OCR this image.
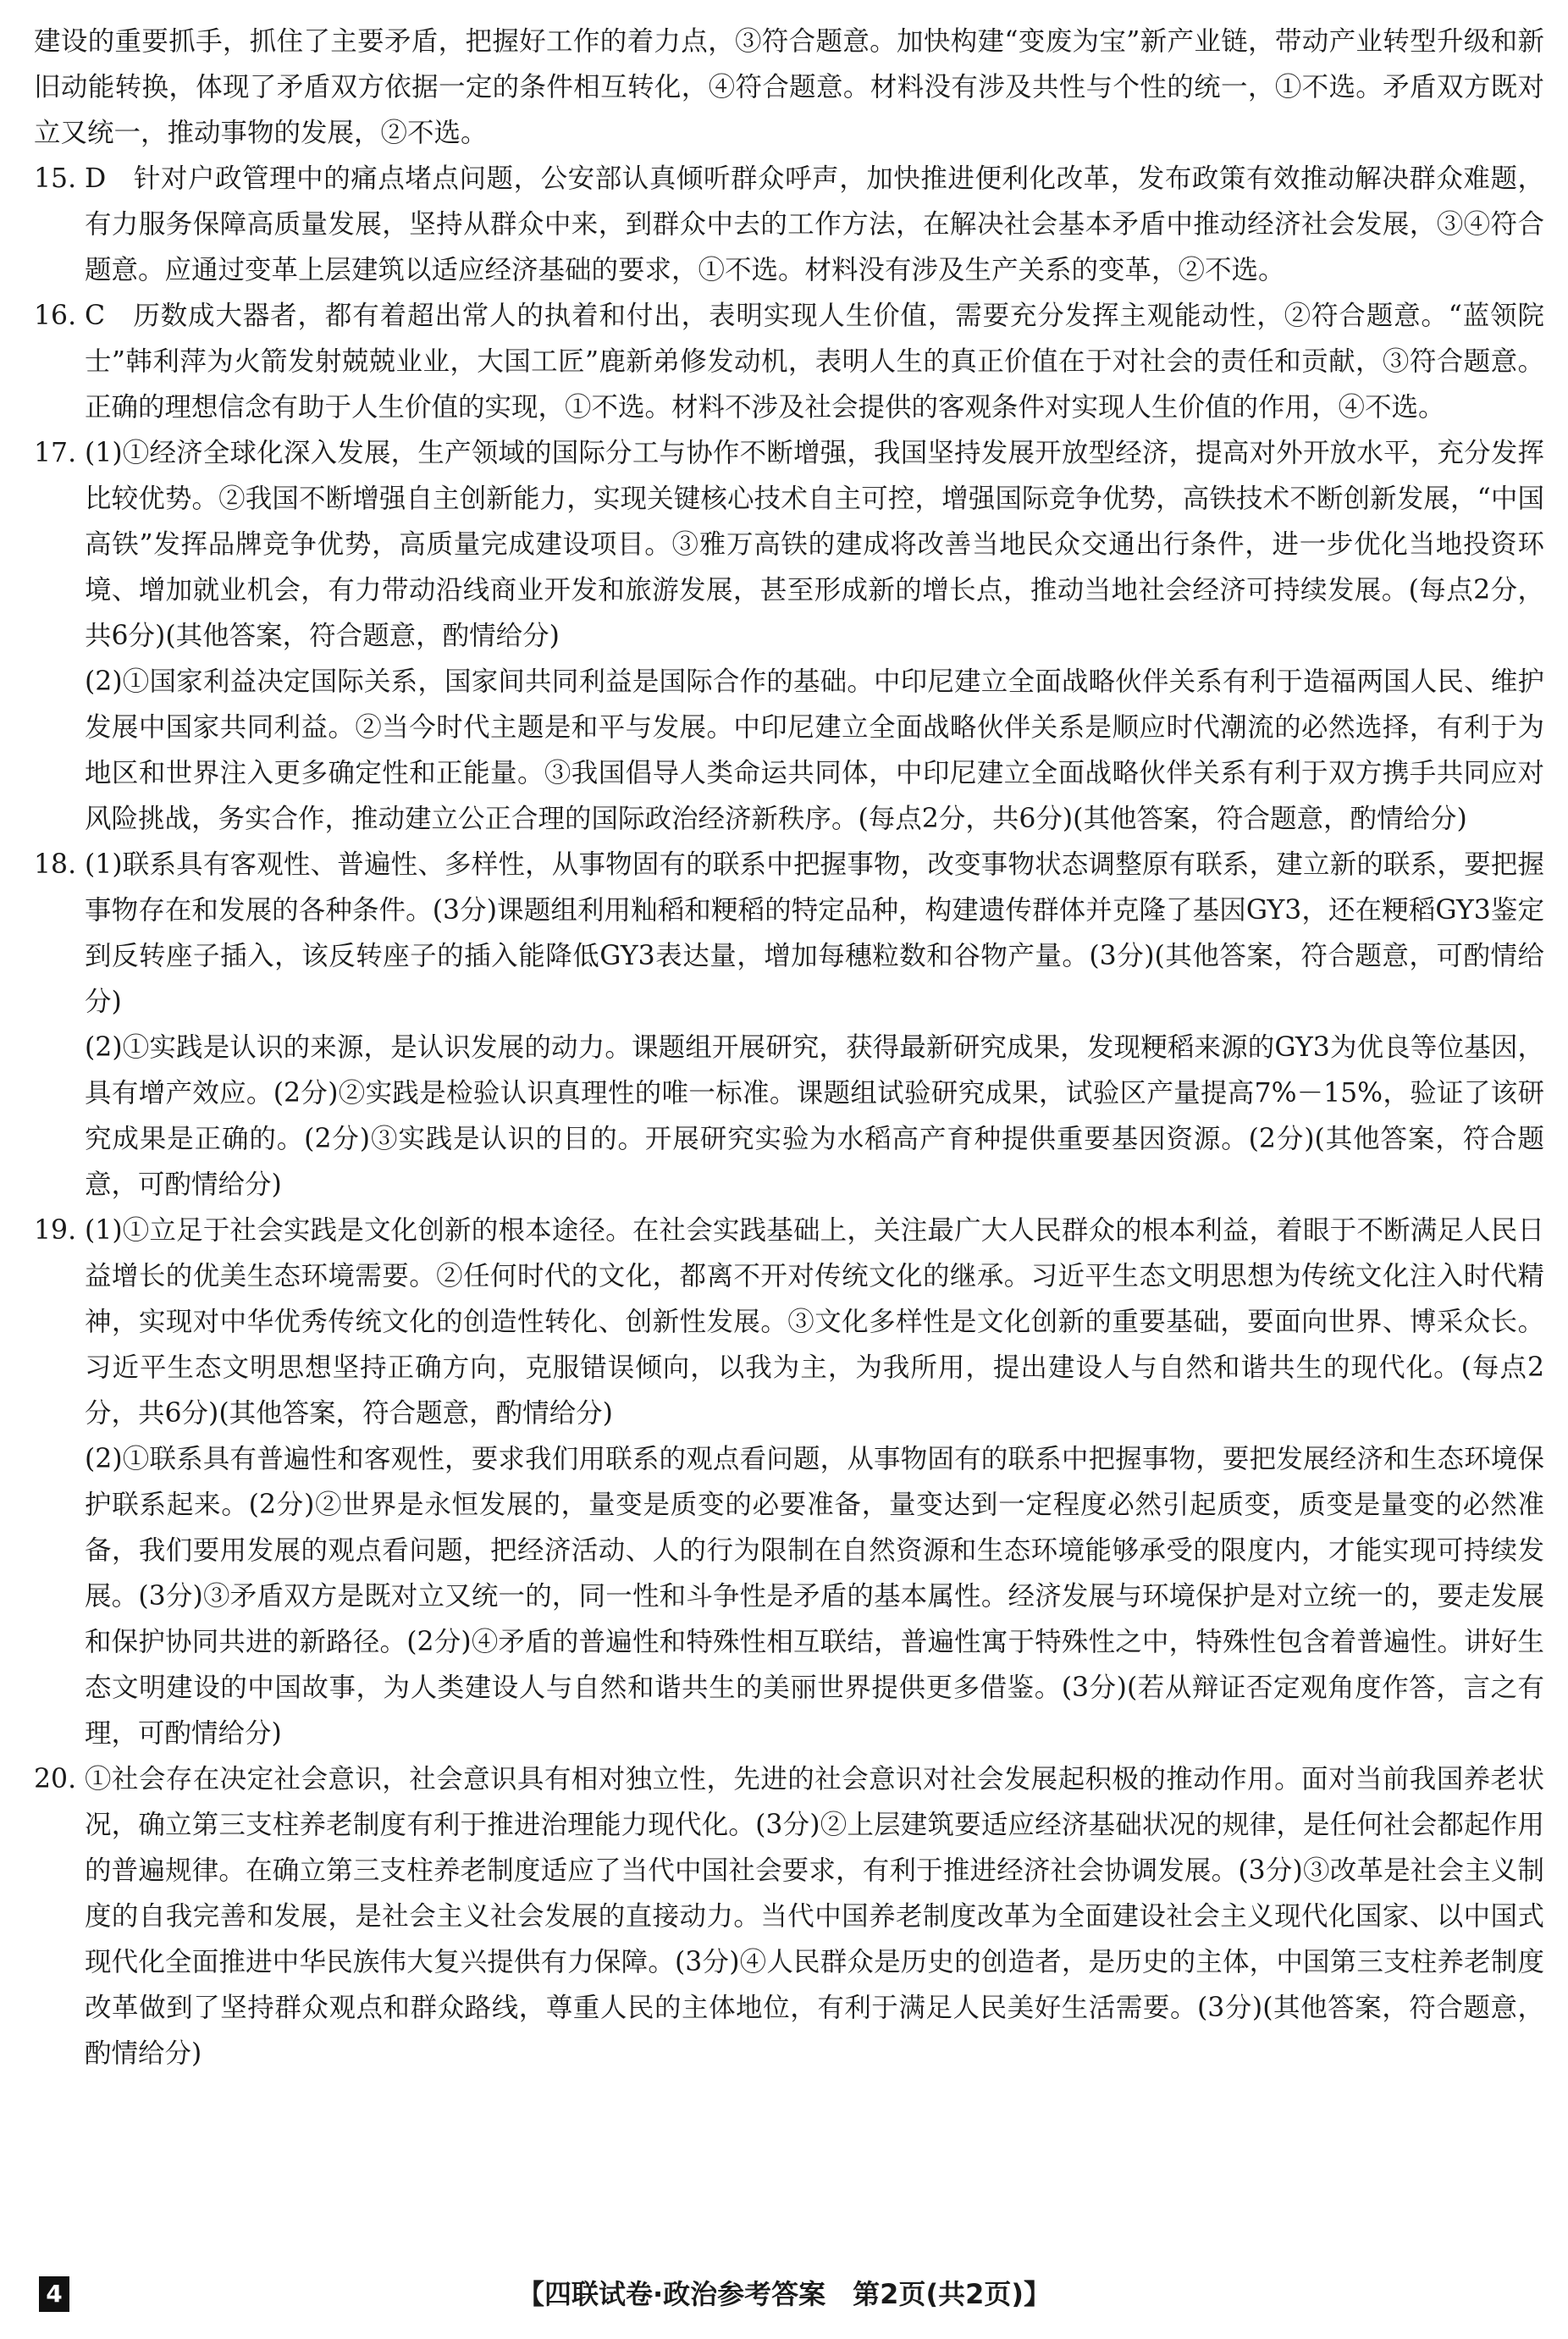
建设的重要抓手，抓住了主要矛盾，把握好工作的着力点，③符合题意。加快构建“变废为宝”新产业链，带动产业转型升级和新旧动能转换，体现了矛盾双方依据一定的条件相互转化，④符合题意。材料没有涉及共性与个性的统一，①不选。矛盾双方既对立又统一，推动事物的发展，②不选。

15. D　针对户政管理中的痛点堵点问题，公安部认真倾听群众呼声，加快推进便利化改革，发布政策有效推动解决群众难题，有力服务保障高质量发展，坚持从群众中来，到群众中去的工作方法，在解决社会基本矛盾中推动经济社会发展，③④符合题意。应通过变革上层建筑以适应经济基础的要求，①不选。材料没有涉及生产关系的变革，②不选。

16. C　历数成大器者，都有着超出常人的执着和付出，表明实现人生价值，需要充分发挥主观能动性，②符合题意。“蓝领院士”韩利萍为火箭发射兢兢业业，大国工匠”鹿新弟修发动机，表明人生的真正价值在于对社会的责任和贡献，③符合题意。正确的理想信念有助于人生价值的实现，①不选。材料不涉及社会提供的客观条件对实现人生价值的作用，④不选。

17. (1)①经济全球化深入发展，生产领域的国际分工与协作不断增强，我国坚持发展开放型经济，提高对外开放水平，充分发挥比较优势。②我国不断增强自主创新能力，实现关键核心技术自主可控，增强国际竞争优势，高铁技术不断创新发展，“中国高铁”发挥品牌竞争优势，高质量完成建设项目。③雅万高铁的建成将改善当地民众交通出行条件，进一步优化当地投资环境、增加就业机会，有力带动沿线商业开发和旅游发展，甚至形成新的增长点，推动当地社会经济可持续发展。(每点2分，共6分)(其他答案，符合题意，酌情给分)

(2)①国家利益决定国际关系，国家间共同利益是国际合作的基础。中印尼建立全面战略伙伴关系有利于造福两国人民、维护发展中国家共同利益。②当今时代主题是和平与发展。中印尼建立全面战略伙伴关系是顺应时代潮流的必然选择，有利于为地区和世界注入更多确定性和正能量。③我国倡导人类命运共同体，中印尼建立全面战略伙伴关系有利于双方携手共同应对风险挑战，务实合作，推动建立公正合理的国际政治经济新秩序。(每点2分，共6分)(其他答案，符合题意，酌情给分)

18. (1)联系具有客观性、普遍性、多样性，从事物固有的联系中把握事物，改变事物状态调整原有联系，建立新的联系，要把握事物存在和发展的各种条件。(3分)课题组利用籼稻和粳稻的特定品种，构建遗传群体并克隆了基因GY3，还在粳稻GY3鉴定到反转座子插入，该反转座子的插入能降低GY3表达量，增加每穗粒数和谷物产量。(3分)(其他答案，符合题意，可酌情给分)

(2)①实践是认识的来源，是认识发展的动力。课题组开展研究，获得最新研究成果，发现粳稻来源的GY3为优良等位基因，具有增产效应。(2分)②实践是检验认识真理性的唯一标准。课题组试验研究成果，试验区产量提高7%－15%，验证了该研究成果是正确的。(2分)③实践是认识的目的。开展研究实验为水稻高产育种提供重要基因资源。(2分)(其他答案，符合题意，可酌情给分)

19. (1)①立足于社会实践是文化创新的根本途径。在社会实践基础上，关注最广大人民群众的根本利益，着眼于不断满足人民日益增长的优美生态环境需要。②任何时代的文化，都离不开对传统文化的继承。习近平生态文明思想为传统文化注入时代精神，实现对中华优秀传统文化的创造性转化、创新性发展。③文化多样性是文化创新的重要基础，要面向世界、博采众长。习近平生态文明思想坚持正确方向，克服错误倾向，以我为主，为我所用，提出建设人与自然和谐共生的现代化。(每点2分，共6分)(其他答案，符合题意，酌情给分)

(2)①联系具有普遍性和客观性，要求我们用联系的观点看问题，从事物固有的联系中把握事物，要把发展经济和生态环境保护联系起来。(2分)②世界是永恒发展的，量变是质变的必要准备，量变达到一定程度必然引起质变，质变是量变的必然准备，我们要用发展的观点看问题，把经济活动、人的行为限制在自然资源和生态环境能够承受的限度内，才能实现可持续发展。(3分)③矛盾双方是既对立又统一的，同一性和斗争性是矛盾的基本属性。经济发展与环境保护是对立统一的，要走发展和保护协同共进的新路径。(2分)④矛盾的普遍性和特殊性相互联结，普遍性寓于特殊性之中，特殊性包含着普遍性。讲好生态文明建设的中国故事，为人类建设人与自然和谐共生的美丽世界提供更多借鉴。(3分)(若从辩证否定观角度作答，言之有理，可酌情给分)

20. ①社会存在决定社会意识，社会意识具有相对独立性，先进的社会意识对社会发展起积极的推动作用。面对当前我国养老状况，确立第三支柱养老制度有利于推进治理能力现代化。(3分)②上层建筑要适应经济基础状况的规律，是任何社会都起作用的普遍规律。在确立第三支柱养老制度适应了当代中国社会要求，有利于推进经济社会协调发展。(3分)③改革是社会主义制度的自我完善和发展，是社会主义社会发展的直接动力。当代中国养老制度改革为全面建设社会主义现代化国家、以中国式现代化全面推进中华民族伟大复兴提供有力保障。(3分)④人民群众是历史的创造者，是历史的主体，中国第三支柱养老制度改革做到了坚持群众观点和群众路线，尊重人民的主体地位，有利于满足人民美好生活需要。(3分)(其他答案，符合题意，酌情给分)

4	【四联试卷·政治参考答案　第2页(共2页)】
